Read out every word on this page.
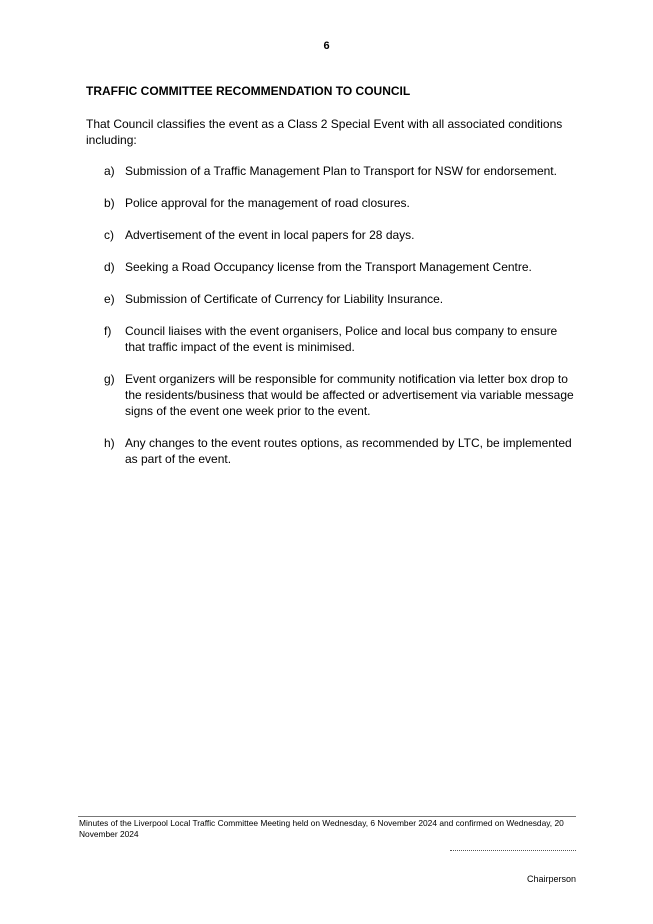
6
TRAFFIC COMMITTEE RECOMMENDATION TO COUNCIL
That Council classifies the event as a Class 2 Special Event with all associated conditions including:
a) Submission of a Traffic Management Plan to Transport for NSW for endorsement.
b) Police approval for the management of road closures.
c) Advertisement of the event in local papers for 28 days.
d) Seeking a Road Occupancy license from the Transport Management Centre.
e) Submission of Certificate of Currency for Liability Insurance.
f)	Council liaises with the event organisers, Police and local bus company to ensure that traffic impact of the event is minimised.
g) Event organizers will be responsible for community notification via letter box drop to the residents/business that would be affected or advertisement via variable message signs of the event one week prior to the event.
h) Any changes to the event routes options, as recommended by LTC, be implemented as part of the event.
Minutes of the Liverpool Local Traffic Committee Meeting held on Wednesday, 6 November 2024 and confirmed on Wednesday, 20 November 2024
Chairperson
